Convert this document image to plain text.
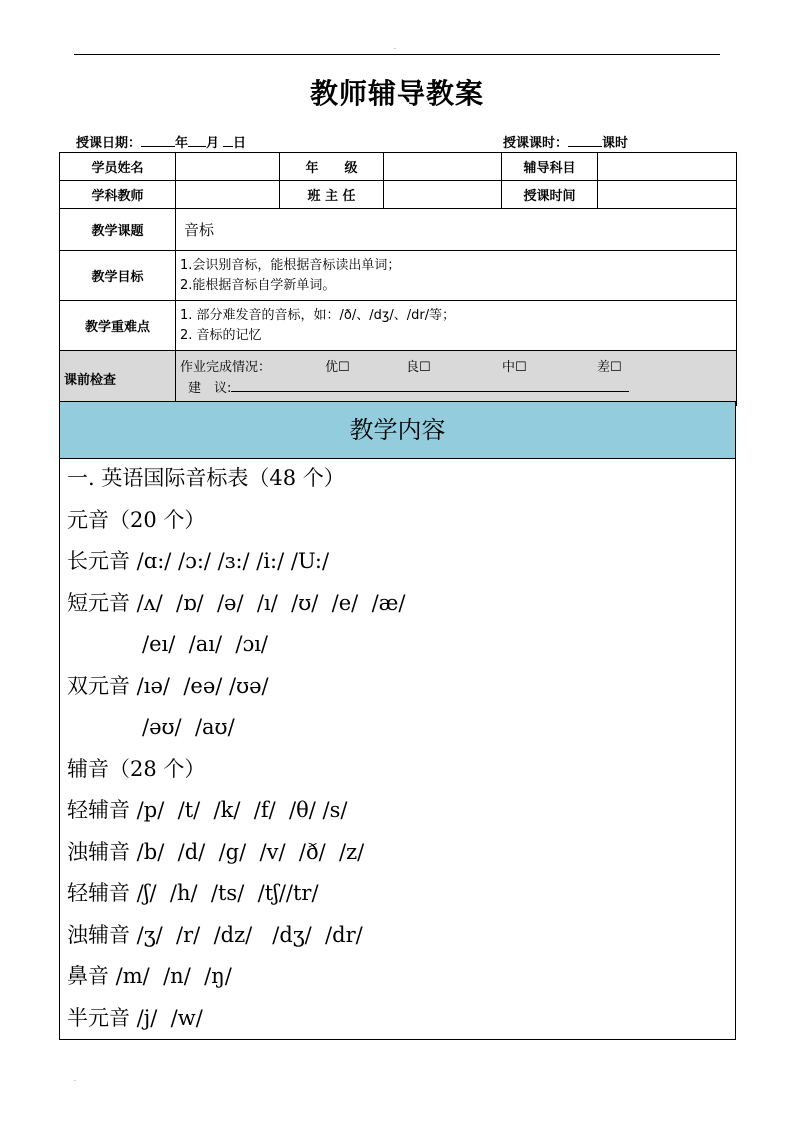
.
教师辅导教案
授课日期：	年 月 日	授课课时：	课时
学员姓名		年　　级		辅导科目	
学科教师		班 主 任		授课时间	
教学课题	音标				
教学目标	1.会识别音标，能根据音标读出单词；
2.能根据音标自学新单词。				

教学重难点	1. 部分难发音的音标，如：/ð/、/dʒ/、/dr/等；
2. 音标的记忆				

课前检查	作业完成情况： 优☐ 良☐ 中☐ 差☐
建　议:				
教学内容
一. 英语国际音标表（48 个）
元音（20 个）
长元音 /ɑ:/ /ɔ:/ /ɜ:/ /i:/ /U:/
短元音 /ʌ/  /ɒ/  /ə/  /ı/  /ʊ/  /e/  /æ/
/eı/  /aı/  /ɔı/
双元音 /ıə/  /eə/ /ʊə/
/əʊ/  /aʊ/
辅音（28 个）
轻辅音 /p/  /t/  /k/  /f/  /θ/ /s/
浊辅音 /b/  /d/  /g/  /v/  /ð/  /z/
轻辅音 /ʃ/  /h/  /ts/  /tʃ//tr/
浊辅音 /ʒ/  /r/  /dz/   /dʒ/  /dr/
鼻音 /m/  /n/  /ŋ/
半元音 /j/  /w/
.
